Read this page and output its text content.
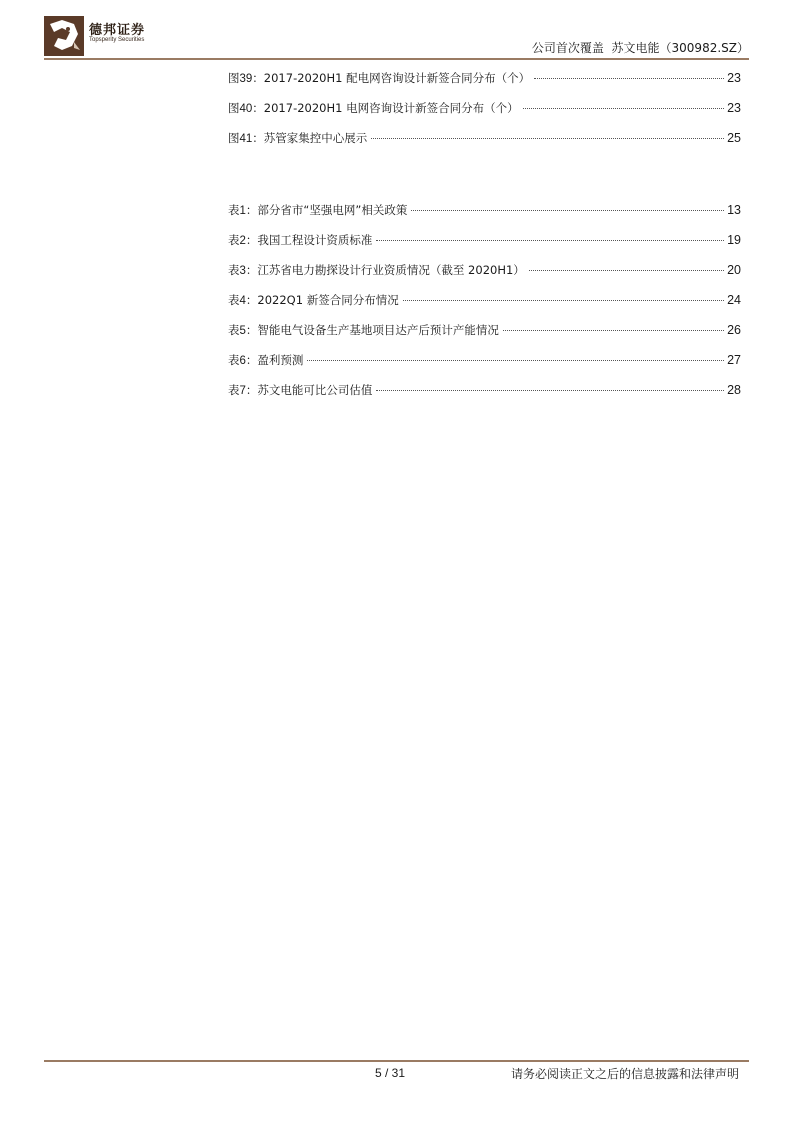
德邦证券
Topsperity Securities
公司首次覆盖 苏文电能（300982.SZ）
图 39 ： 2017-2020H1 配电网咨询设计新签合同分布（个）	23
图 40 ： 2017-2020H1 电网咨询设计新签合同分布（个）	23
图 41 ： 苏管家集控中心展示	25
表 1 ： 部分省市“坚强电网”相关政策	13
表 2 ： 我国工程设计资质标准	19
表 3 ： 江苏省电力勘探设计行业资质情况（截至 2020H1）	20
表 4 ： 2022Q1 新签合同分布情况	24
表 5 ： 智能电气设备生产基地项目达产后预计产能情况	26
表 6 ： 盈利预测	27
表 7 ： 苏文电能可比公司估值	28
5 / 31	请务必阅读正文之后的信息披露和法律声明
